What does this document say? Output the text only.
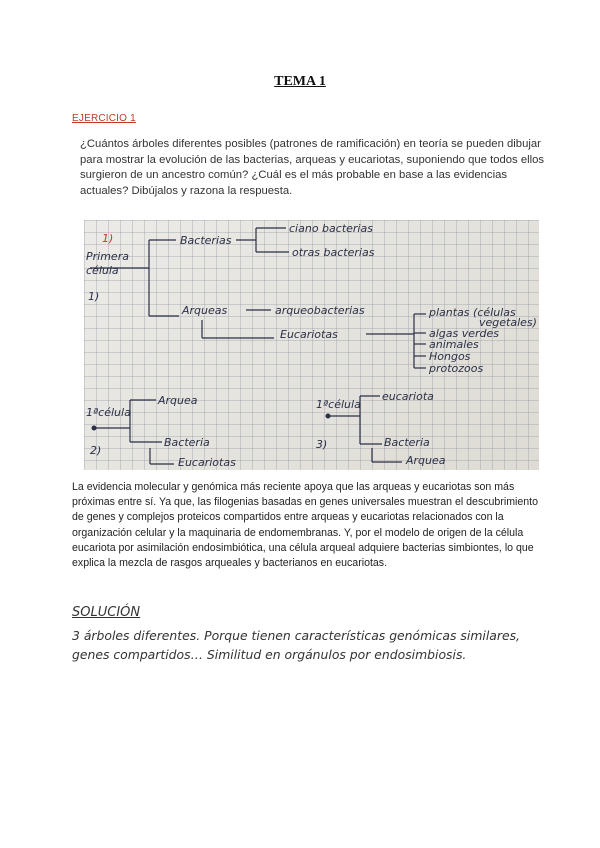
TEMA 1
EJERCICIO 1
¿Cuántos árboles diferentes posibles (patrones de ramificación) en teoría se pueden dibujar para mostrar la evolución de las bacterias, arqueas y eucariotas, suponiendo que todos ellos surgieron de un ancestro común? ¿Cuál es el más probable en base a las evidencias actuales? Dibújalos y razona la respuesta.
1)
Primera
célula
1)
Bacterias
ciano bacterias
otras bacterias
Arqueas	arqueobacterias
Eucariotas
plantas (células
vegetales)
algas verdes
animales
Hongos
protozoos
1ªcélula
2)
Arquea
Bacteria
Eucariotas
1ªcélula
3)
eucariota
Bacteria
Arquea

La evidencia molecular y genómica más reciente apoya que las arqueas y eucariotas son más próximas entre sí. Ya que, las filogenias basadas en genes universales muestran el descubrimiento de genes y complejos proteicos compartidos entre arqueas y eucariotas relacionados con la organización celular y la maquinaria de endomembranas. Y, por el modelo de origen de la célula eucariota por asimilación endosimbiótica, una célula arqueal adquiere bacterias simbiontes, lo que explica la mezcla de rasgos arqueales y bacterianos en eucariotas.

SOLUCIÓN
3 árboles diferentes. Porque tienen características genómicas similares, genes compartidos… Similitud en orgánulos por endosimbiosis.
